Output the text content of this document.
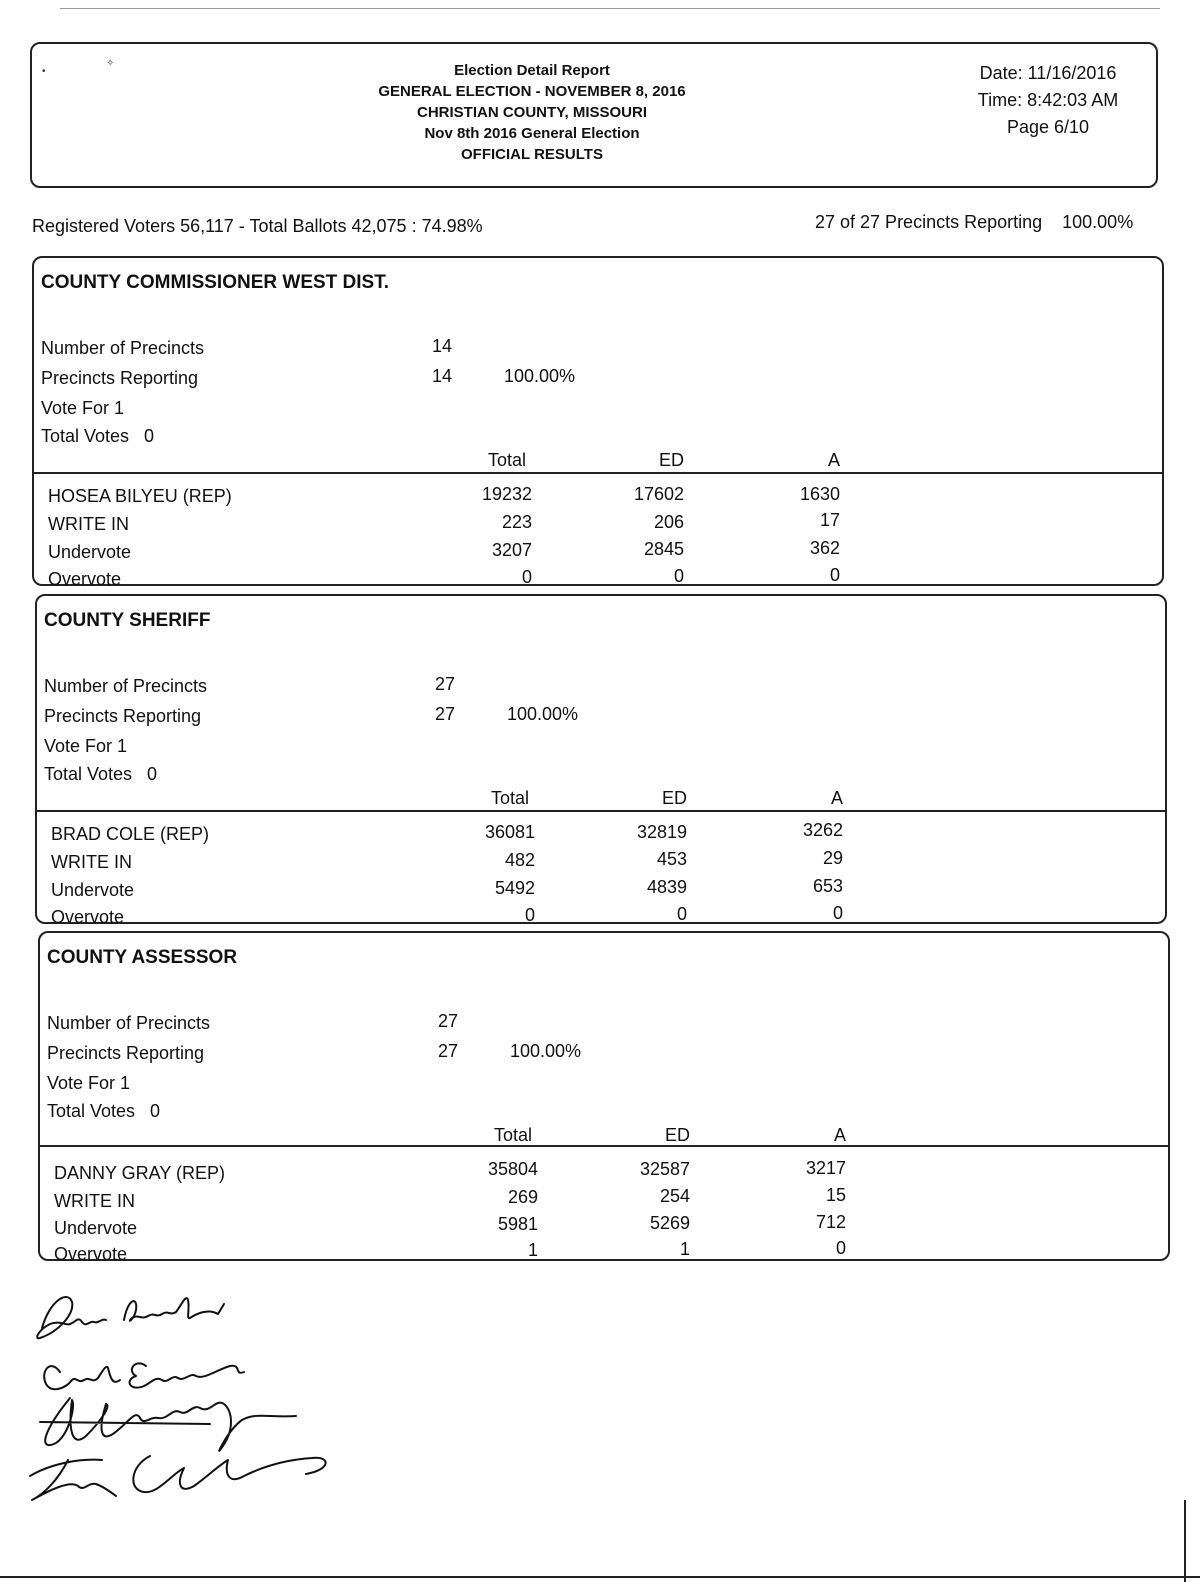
•
✧	Election Detail Report
GENERAL ELECTION - NOVEMBER 8, 2016
CHRISTIAN COUNTY, MISSOURI
Nov 8th 2016 General Election
OFFICIAL RESULTS
Date: 11/16/2016
Time: 8:42:03 AM
Page 6/10
Registered Voters 56,117 - Total Ballots 42,075 : 74.98%	27 of 27 Precincts Reporting 100.00%
COUNTY COMMISSIONER WEST DIST.
Number of Precincts	14
Precincts Reporting	14	100.00%
Vote For 1
Total Votes   0
Total	ED	A
HOSEA BILYEU (REP)	19232	17602	1630
WRITE IN	223	206	17
Undervote	3207	2845	362
Overvote	0	0	0
COUNTY SHERIFF
Number of Precincts	27
Precincts Reporting	27	100.00%
Vote For 1
Total Votes   0
Total	ED	A
BRAD COLE (REP)	36081	32819	3262
WRITE IN	482	453	29
Undervote	5492	4839	653
Overvote	0	0	0
COUNTY ASSESSOR
Number of Precincts	27
Precincts Reporting	27	100.00%
Vote For 1
Total Votes   0
Total	ED	A
DANNY GRAY (REP)	35804	32587	3217
WRITE IN	269	254	15
Undervote	5981	5269	712
Overvote	1	1	0
